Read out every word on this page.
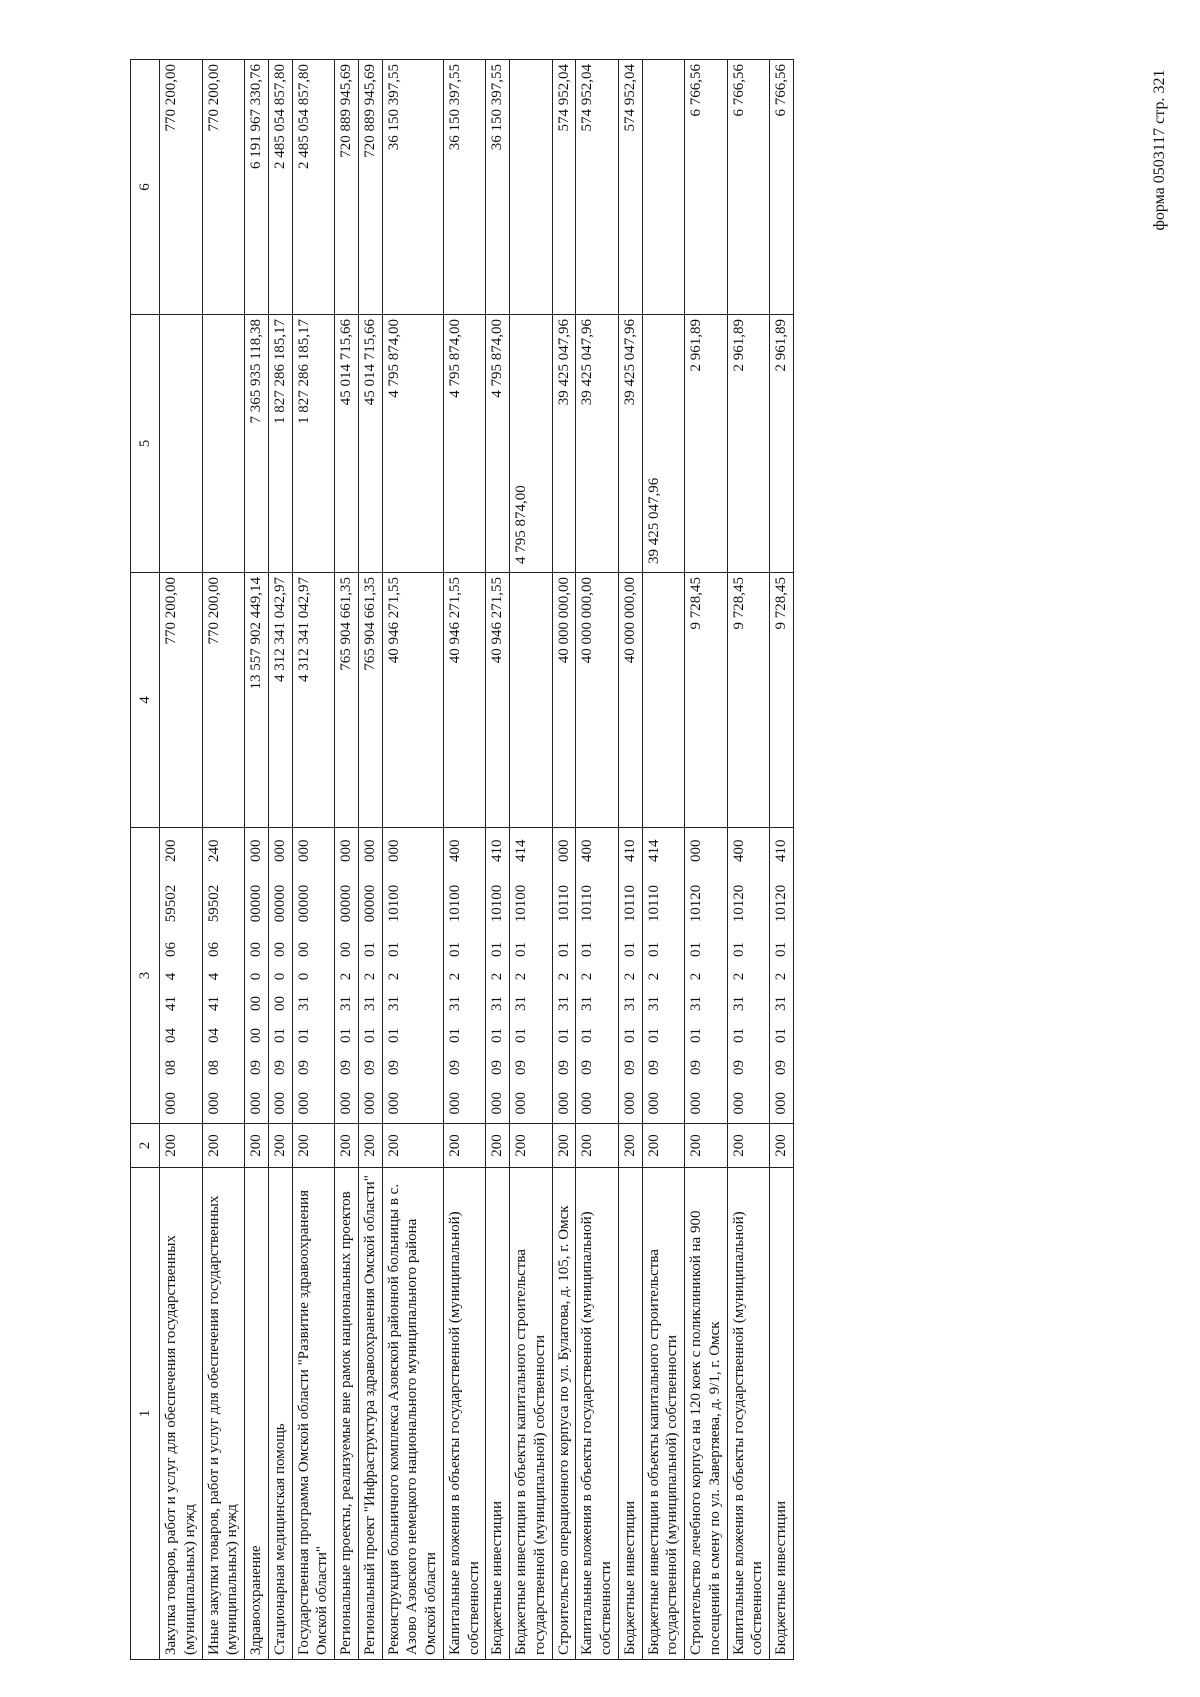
форма 0503117 стр. 321
1	2	3								4	5	6
Закупка товаров, работ и услуг для обеспечения государственных (муниципальных) нужд	200	000	08	04	41	4	06	59502	200	770 200,00		770 200,00
Иные закупки товаров, работ и услуг для обеспечения государственных (муниципальных) нужд	200	000	08	04	41	4	06	59502	240	770 200,00		770 200,00
Здравоохранение	200	000	09	00	00	0	00	00000	000	13 557 902 449,14	7 365 935 118,38	6 191 967 330,76
Стационарная медицинская помощь	200	000	09	01	00	0	00	00000	000	4 312 341 042,97	1 827 286 185,17	2 485 054 857,80
Государственная программа Омской области "Развитие здравоохранения Омской области"	200	000	09	01	31	0	00	00000	000	4 312 341 042,97	1 827 286 185,17	2 485 054 857,80
Региональные проекты, реализуемые вне рамок национальных проектов	200	000	09	01	31	2	00	00000	000	765 904 661,35	45 014 715,66	720 889 945,69
Региональный проект "Инфраструктура здравоохранения Омской области"	200	000	09	01	31	2	01	00000	000	765 904 661,35	45 014 715,66	720 889 945,69
Реконструкция больничного комплекса Азовской районной больницы в с. Азово Азовского немецкого национального муниципального района Омской области	200	000	09	01	31	2	01	10100	000	40 946 271,55	4 795 874,00	36 150 397,55
Капитальные вложения в объекты государственной (муниципальной) собственности	200	000	09	01	31	2	01	10100	400	40 946 271,55	4 795 874,00	36 150 397,55
Бюджетные инвестиции	200	000	09	01	31	2	01	10100	410	40 946 271,55	4 795 874,00	36 150 397,55
Бюджетные инвестиции в объекты капитального строительства государственной (муниципальной) собственности	200	000	09	01	31	2	01	10100	414		4 795 874,00	
Строительство операционного корпуса по ул. Булатова, д. 105, г. Омск	200	000	09	01	31	2	01	10110	000	40 000 000,00	39 425 047,96	574 952,04
Капитальные вложения в объекты государственной (муниципальной) собственности	200	000	09	01	31	2	01	10110	400	40 000 000,00	39 425 047,96	574 952,04
Бюджетные инвестиции	200	000	09	01	31	2	01	10110	410	40 000 000,00	39 425 047,96	574 952,04
Бюджетные инвестиции в объекты капитального строительства государственной (муниципальной) собственности	200	000	09	01	31	2	01	10110	414		39 425 047,96	
Строительство лечебного корпуса на 120 коек с поликлиникой на 900 посещений в смену по ул. Завертяева, д. 9/1, г. Омск	200	000	09	01	31	2	01	10120	000	9 728,45	2 961,89	6 766,56
Капитальные вложения в объекты государственной (муниципальной) собственности	200	000	09	01	31	2	01	10120	400	9 728,45	2 961,89	6 766,56
Бюджетные инвестиции	200	000	09	01	31	2	01	10120	410	9 728,45	2 961,89	6 766,56
